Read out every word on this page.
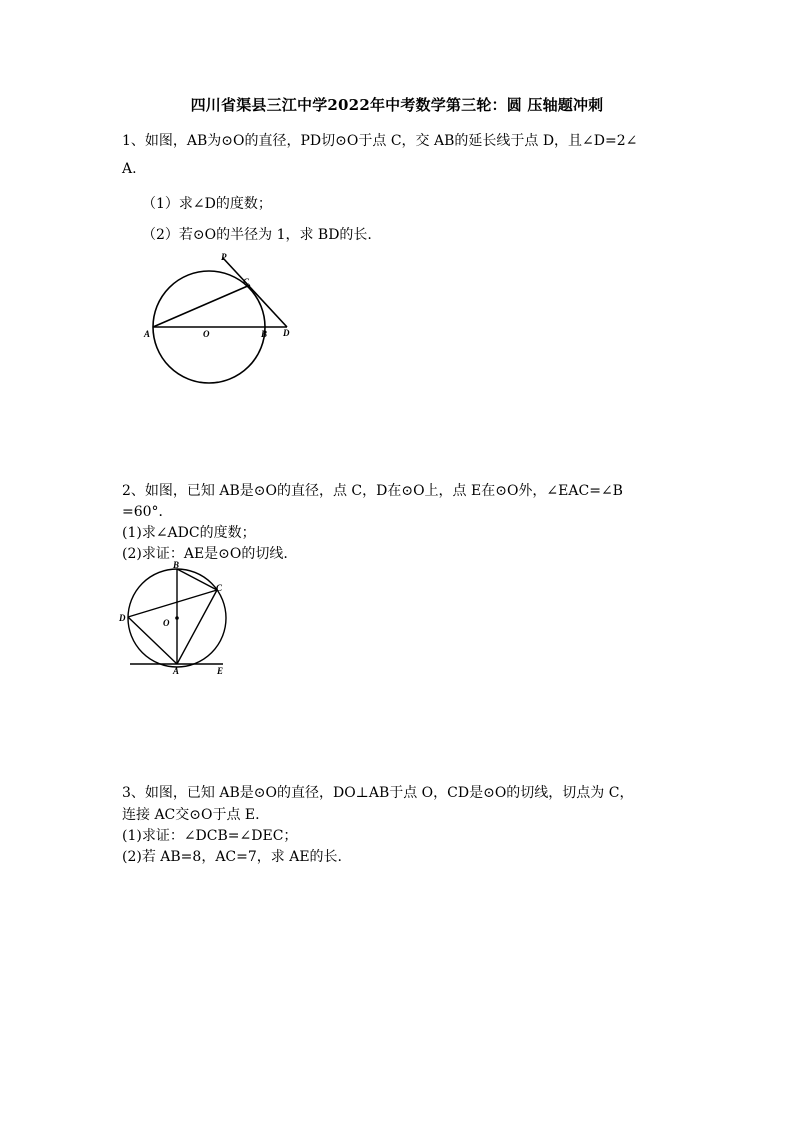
四川省渠县三江中学2022年中考数学第三轮：圆 压轴题冲刺
1、如图，AB为⊙O的直径，PD切⊙O于点 C，交 AB的延长线于点 D，且∠D=2∠
A.
（1）求∠D的度数；
（2）若⊙O的半径为 1，求 BD的长.
P
C
A	O	B D
2、如图，已知 AB是⊙O的直径，点 C，D在⊙O上，点 E在⊙O外，∠EAC=∠B
=60°．
(1)求∠ADC的度数；
(2)求证：AE是⊙O的切线.
B
C
D	O
A	E
3、如图，已知 AB是⊙O的直径，DO⊥AB于点 O，CD是⊙O的切线，切点为 C，
连接 AC交⊙O于点 E.
(1)求证：∠DCB=∠DEC；
(2)若 AB=8，AC=7，求 AE的长.
